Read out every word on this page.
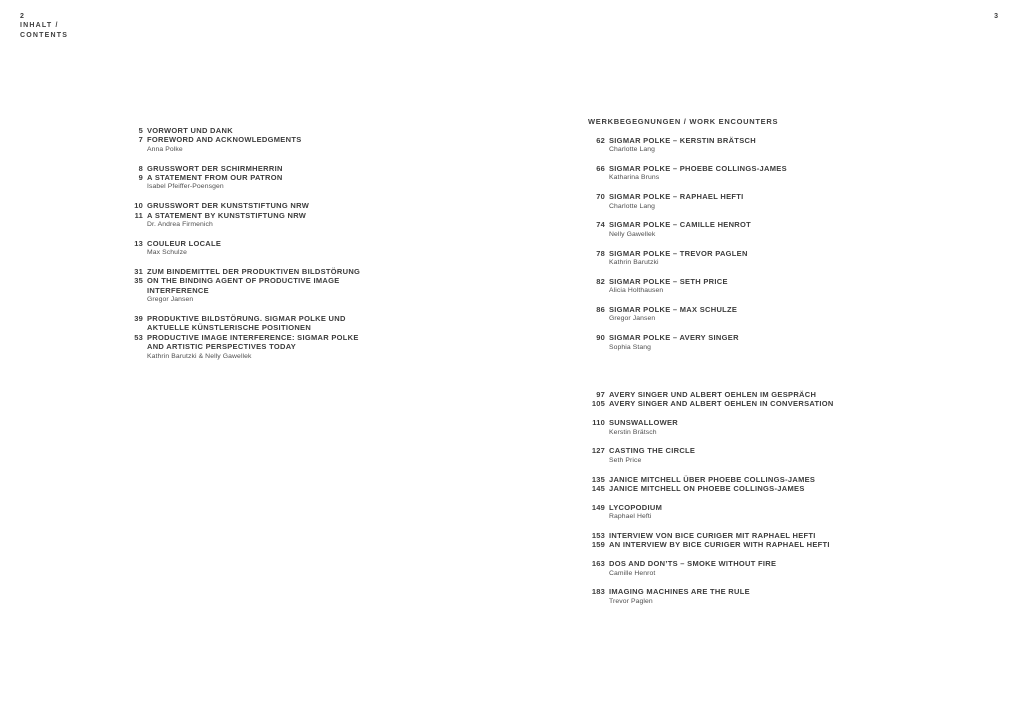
2
INHALT /
CONTENTS
3
5 VORWORT UND DANK
7 FOREWORD AND ACKNOWLEDGMENTS
Anna Polke
8 GRUSSWORT DER SCHIRMHERRIN
9 A STATEMENT FROM OUR PATRON
Isabel Pfeiffer-Poensgen
10 GRUSSWORT DER KUNSTSTIFTUNG NRW
11 A STATEMENT BY KUNSTSTIFTUNG NRW
Dr. Andrea Firmenich
13 COULEUR LOCALE
Max Schulze
31 ZUM BINDEMITTEL DER PRODUKTIVEN BILDSTÖRUNG
35 ON THE BINDING AGENT OF PRODUCTIVE IMAGE
INTERFERENCE
Gregor Jansen
39 PRODUKTIVE BILDSTÖRUNG. SIGMAR POLKE UND
AKTUELLE KÜNSTLERISCHE POSITIONEN
53 PRODUCTIVE IMAGE INTERFERENCE: SIGMAR POLKE
AND ARTISTIC PERSPECTIVES TODAY
Kathrin Barutzki & Nelly Gawellek
WERKBEGEGNUNGEN / WORK ENCOUNTERS
62 SIGMAR POLKE – KERSTIN BRÄTSCH
Charlotte Lang
66 SIGMAR POLKE – PHOEBE COLLINGS-JAMES
Katharina Bruns
70 SIGMAR POLKE – RAPHAEL HEFTI
Charlotte Lang
74 SIGMAR POLKE – CAMILLE HENROT
Nelly Gawellek
78 SIGMAR POLKE – TREVOR PAGLEN
Kathrin Barutzki
82 SIGMAR POLKE – SETH PRICE
Alicia Holthausen
86 SIGMAR POLKE – MAX SCHULZE
Gregor Jansen
90 SIGMAR POLKE – AVERY SINGER
Sophia Stang
97 AVERY SINGER UND ALBERT OEHLEN IM GESPRÄCH
105 AVERY SINGER AND ALBERT OEHLEN IN CONVERSATION
110 SUNSWALLOWER
Kerstin Brätsch
127 CASTING THE CIRCLE
Seth Price
135 JANICE MITCHELL ÜBER PHOEBE COLLINGS-JAMES
145 JANICE MITCHELL ON PHOEBE COLLINGS-JAMES
149 LYCOPODIUM
Raphael Hefti
153 INTERVIEW VON BICE CURIGER MIT RAPHAEL HEFTI
159 AN INTERVIEW BY BICE CURIGER WITH RAPHAEL HEFTI
163 DOS AND DON’TS – SMOKE WITHOUT FIRE
Camille Henrot
183 IMAGING MACHINES ARE THE RULE
Trevor Paglen
